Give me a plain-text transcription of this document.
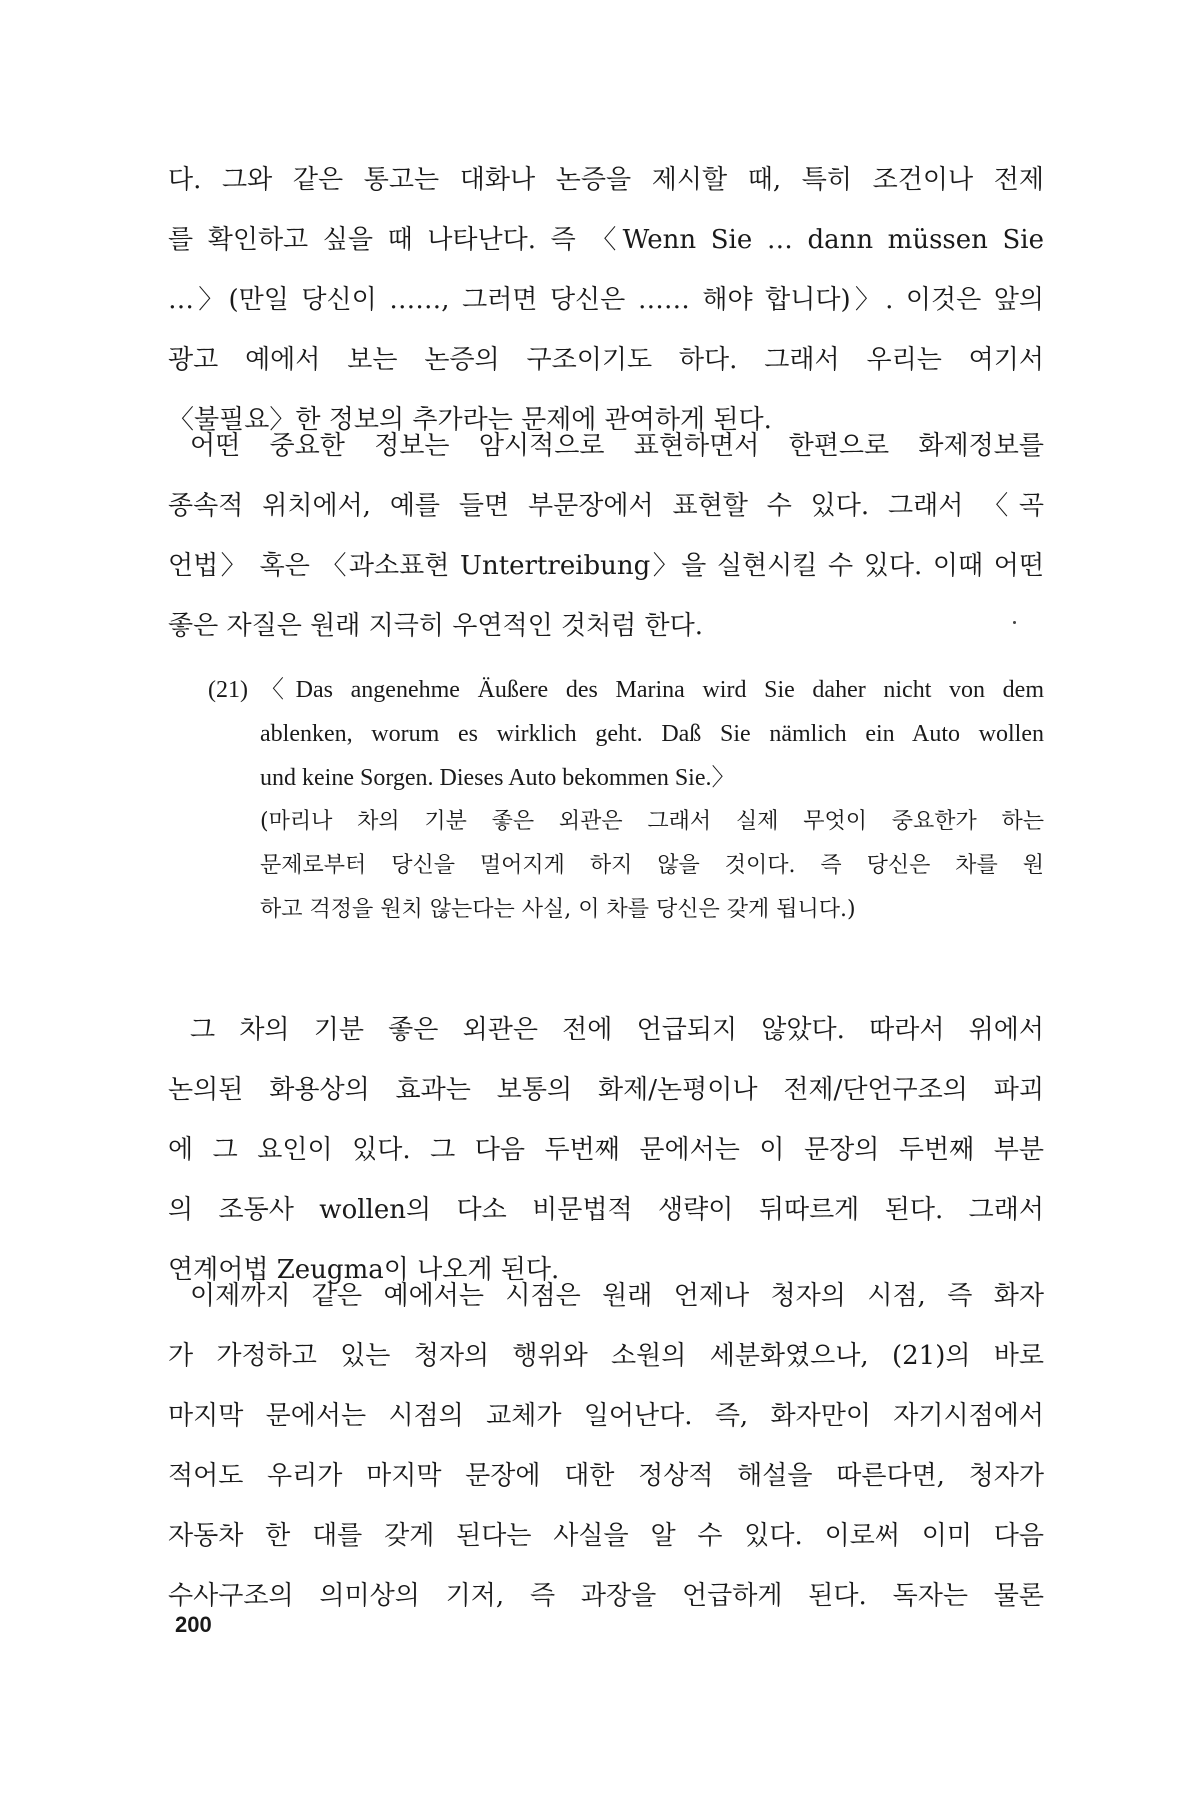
다. 그와 같은 통고는 대화나 논증을 제시할 때, 특히 조건이나 전제
를 확인하고 싶을 때 나타난다. 즉 〈Wenn Sie … dann müssen Sie
…〉(만일 당신이 ……, 그러면 당신은 …… 해야 합니다)〉. 이것은 앞의
광고 예에서 보는 논증의 구조이기도 하다. 그래서 우리는 여기서
〈불필요〉한 정보의 추가라는 문제에 관여하게 된다.
어떤 중요한 정보는 암시적으로 표현하면서 한편으로 화제정보를
종속적 위치에서, 예를 들면 부문장에서 표현할 수 있다. 그래서 〈곡
언법〉 혹은 〈과소표현 Untertreibung〉을 실현시킬 수 있다. 이때 어떤
좋은 자질은 원래 지극히 우연적인 것처럼 한다.
(21) 〈Das angenehme Äußere des Marina wird Sie daher nicht von dem
ablenken, worum es wirklich geht. Daß Sie nämlich ein Auto wollen
und keine Sorgen. Dieses Auto bekommen Sie.〉
(마리나 차의 기분 좋은 외관은 그래서 실제 무엇이 중요한가 하는
문제로부터 당신을 멀어지게 하지 않을 것이다. 즉 당신은 차를 원
하고 걱정을 원치 않는다는 사실, 이 차를 당신은 갖게 됩니다.)
그 차의 기분 좋은 외관은 전에 언급되지 않았다. 따라서 위에서
논의된 화용상의 효과는 보통의 화제/논평이나 전제/단언구조의 파괴
에 그 요인이 있다. 그 다음 두번째 문에서는 이 문장의 두번째 부분
의 조동사 wollen의 다소 비문법적 생략이 뒤따르게 된다. 그래서
연계어법 Zeugma이 나오게 된다.
이제까지 같은 예에서는 시점은 원래 언제나 청자의 시점, 즉 화자
가 가정하고 있는 청자의 행위와 소원의 세분화였으나, (21)의 바로
마지막 문에서는 시점의 교체가 일어난다. 즉, 화자만이 자기시점에서
적어도 우리가 마지막 문장에 대한 정상적 해설을 따른다면, 청자가
자동차 한 대를 갖게 된다는 사실을 알 수 있다. 이로써 이미 다음
수사구조의 의미상의 기저, 즉 과장을 언급하게 된다. 독자는 물론
200
